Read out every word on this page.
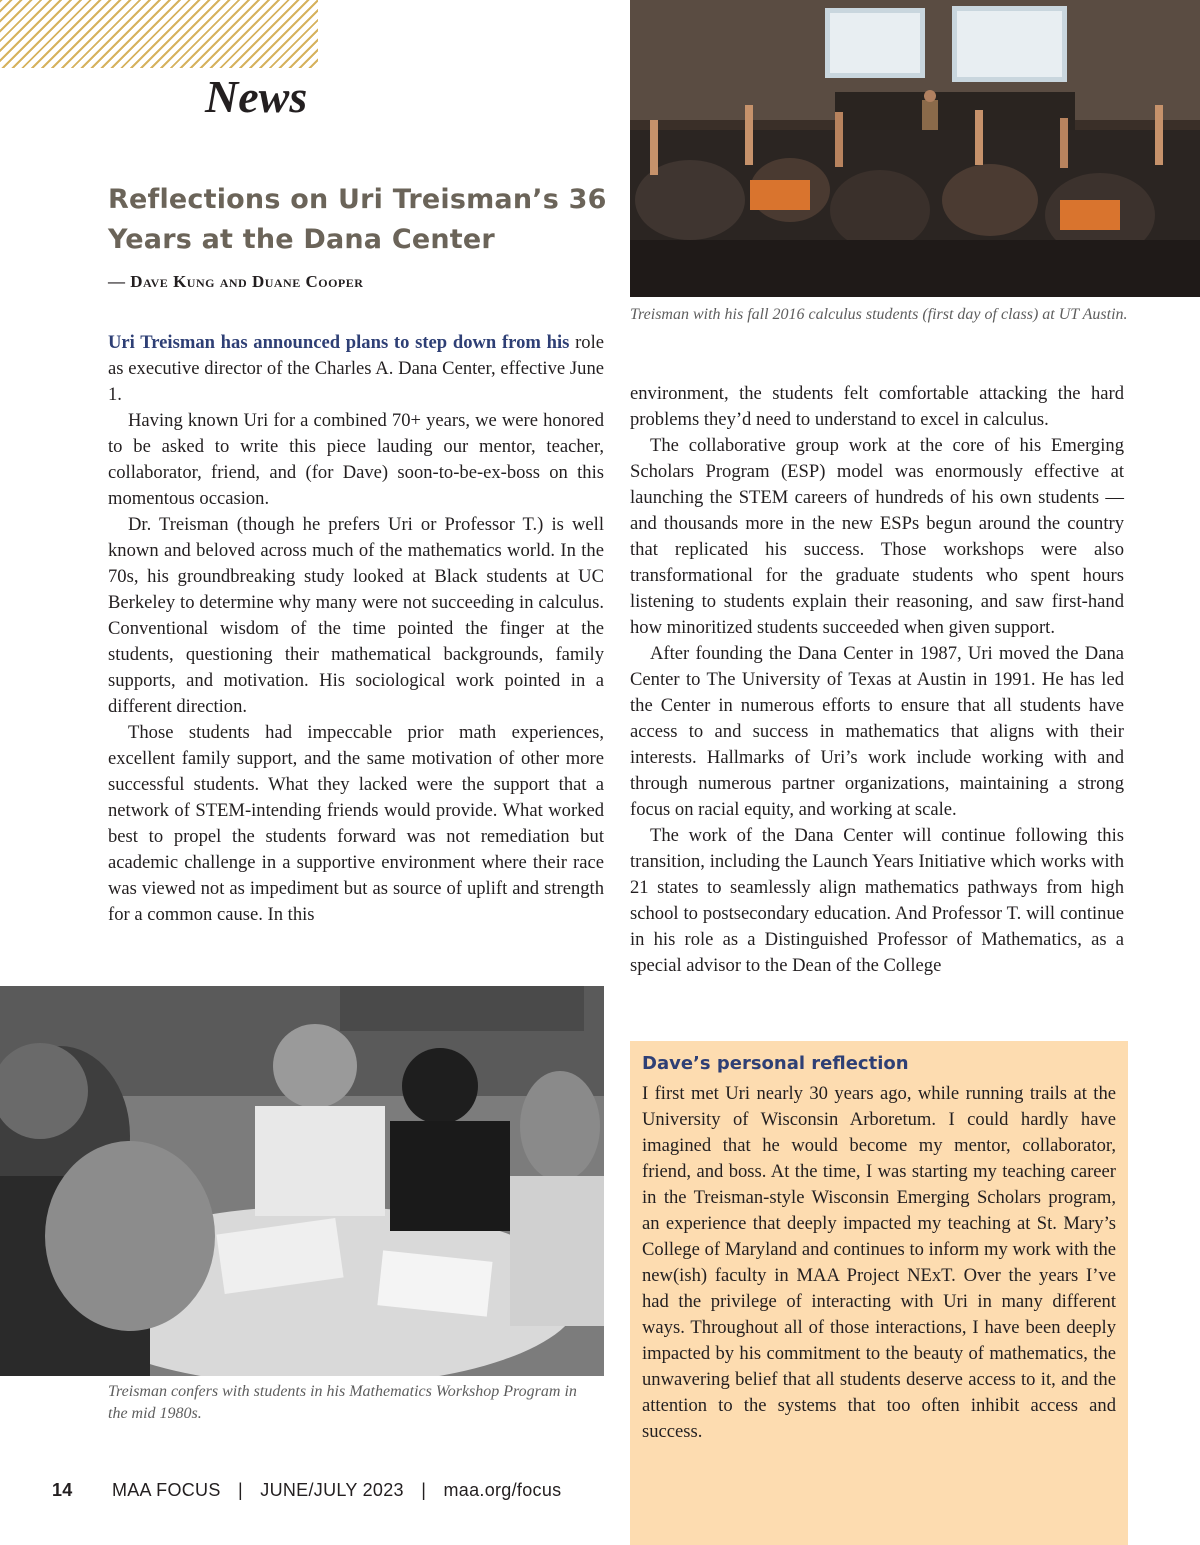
News
Reflections on Uri Treisman’s 36 Years at the Dana Center

— Dave Kung and Duane Cooper

Uri Treisman has announced plans to step down from his role as executive director of the Charles A. Dana Center, effective June 1.

Having known Uri for a combined 70+ years, we were honored to be asked to write this piece lauding our mentor, teacher, collaborator, friend, and (for Dave) soon-to-be-ex-boss on this momentous occasion.

Dr. Treisman (though he prefers Uri or Professor T.) is well known and beloved across much of the mathematics world. In the 70s, his groundbreaking study looked at Black students at UC Berkeley to determine why many were not succeeding in calculus. Conventional wisdom of the time pointed the finger at the students, questioning their mathematical backgrounds, family supports, and motivation. His sociological work pointed in a different direction.

Those students had impeccable prior math experiences, excellent family support, and the same motivation of other more successful students. What they lacked were the support that a network of STEM-intending friends would provide. What worked best to propel the students forward was not remediation but academic challenge in a supportive environment where their race was viewed not as impediment but as source of uplift and strength for a common cause. In this

Treisman with his fall 2016 calculus students (first day of class) at UT Austin.

environment, the students felt comfortable attacking the hard problems they’d need to understand to excel in calculus.

The collaborative group work at the core of his Emerging Scholars Program (ESP) model was enormously effective at launching the STEM careers of hundreds of his own students —and thousands more in the new ESPs begun around the country that replicated his success. Those workshops were also transformational for the graduate students who spent hours listening to students explain their reasoning, and saw first-hand how minoritized students succeeded when given support.

After founding the Dana Center in 1987, Uri moved the Dana Center to The University of Texas at Austin in 1991. He has led the Center in numerous efforts to ensure that all students have access to and success in mathematics that aligns with their interests. Hallmarks of Uri’s work include working with and through numerous partner organizations, maintaining a strong focus on racial equity, and working at scale.

The work of the Dana Center will continue following this transition, including the Launch Years Initiative which works with 21 states to seamlessly align mathematics pathways from high school to postsecondary education. And Professor T. will continue in his role as a Distinguished Professor of Mathematics, as a special advisor to the Dean of the College

Treisman confers with students in his Mathematics Workshop Program in the mid 1980s.

Dave’s personal reflection

I first met Uri nearly 30 years ago, while running trails at the University of Wisconsin Arboretum. I could hardly have imagined that he would become my mentor, collaborator, friend, and boss. At the time, I was starting my teaching career in the Treisman-style Wisconsin Emerging Scholars program, an experience that deeply impacted my teaching at St. Mary’s College of Maryland and continues to inform my work with the new(ish) faculty in MAA Project NExT. Over the years I’ve had the privilege of interacting with Uri in many different ways. Throughout all of those interactions, I have been deeply impacted by his commitment to the beauty of mathematics, the unwavering belief that all students deserve access to it, and the attention to the systems that too often inhibit access and success.

14 MAA FOCUS | JUNE/JULY 2023 | maa.org/focus
